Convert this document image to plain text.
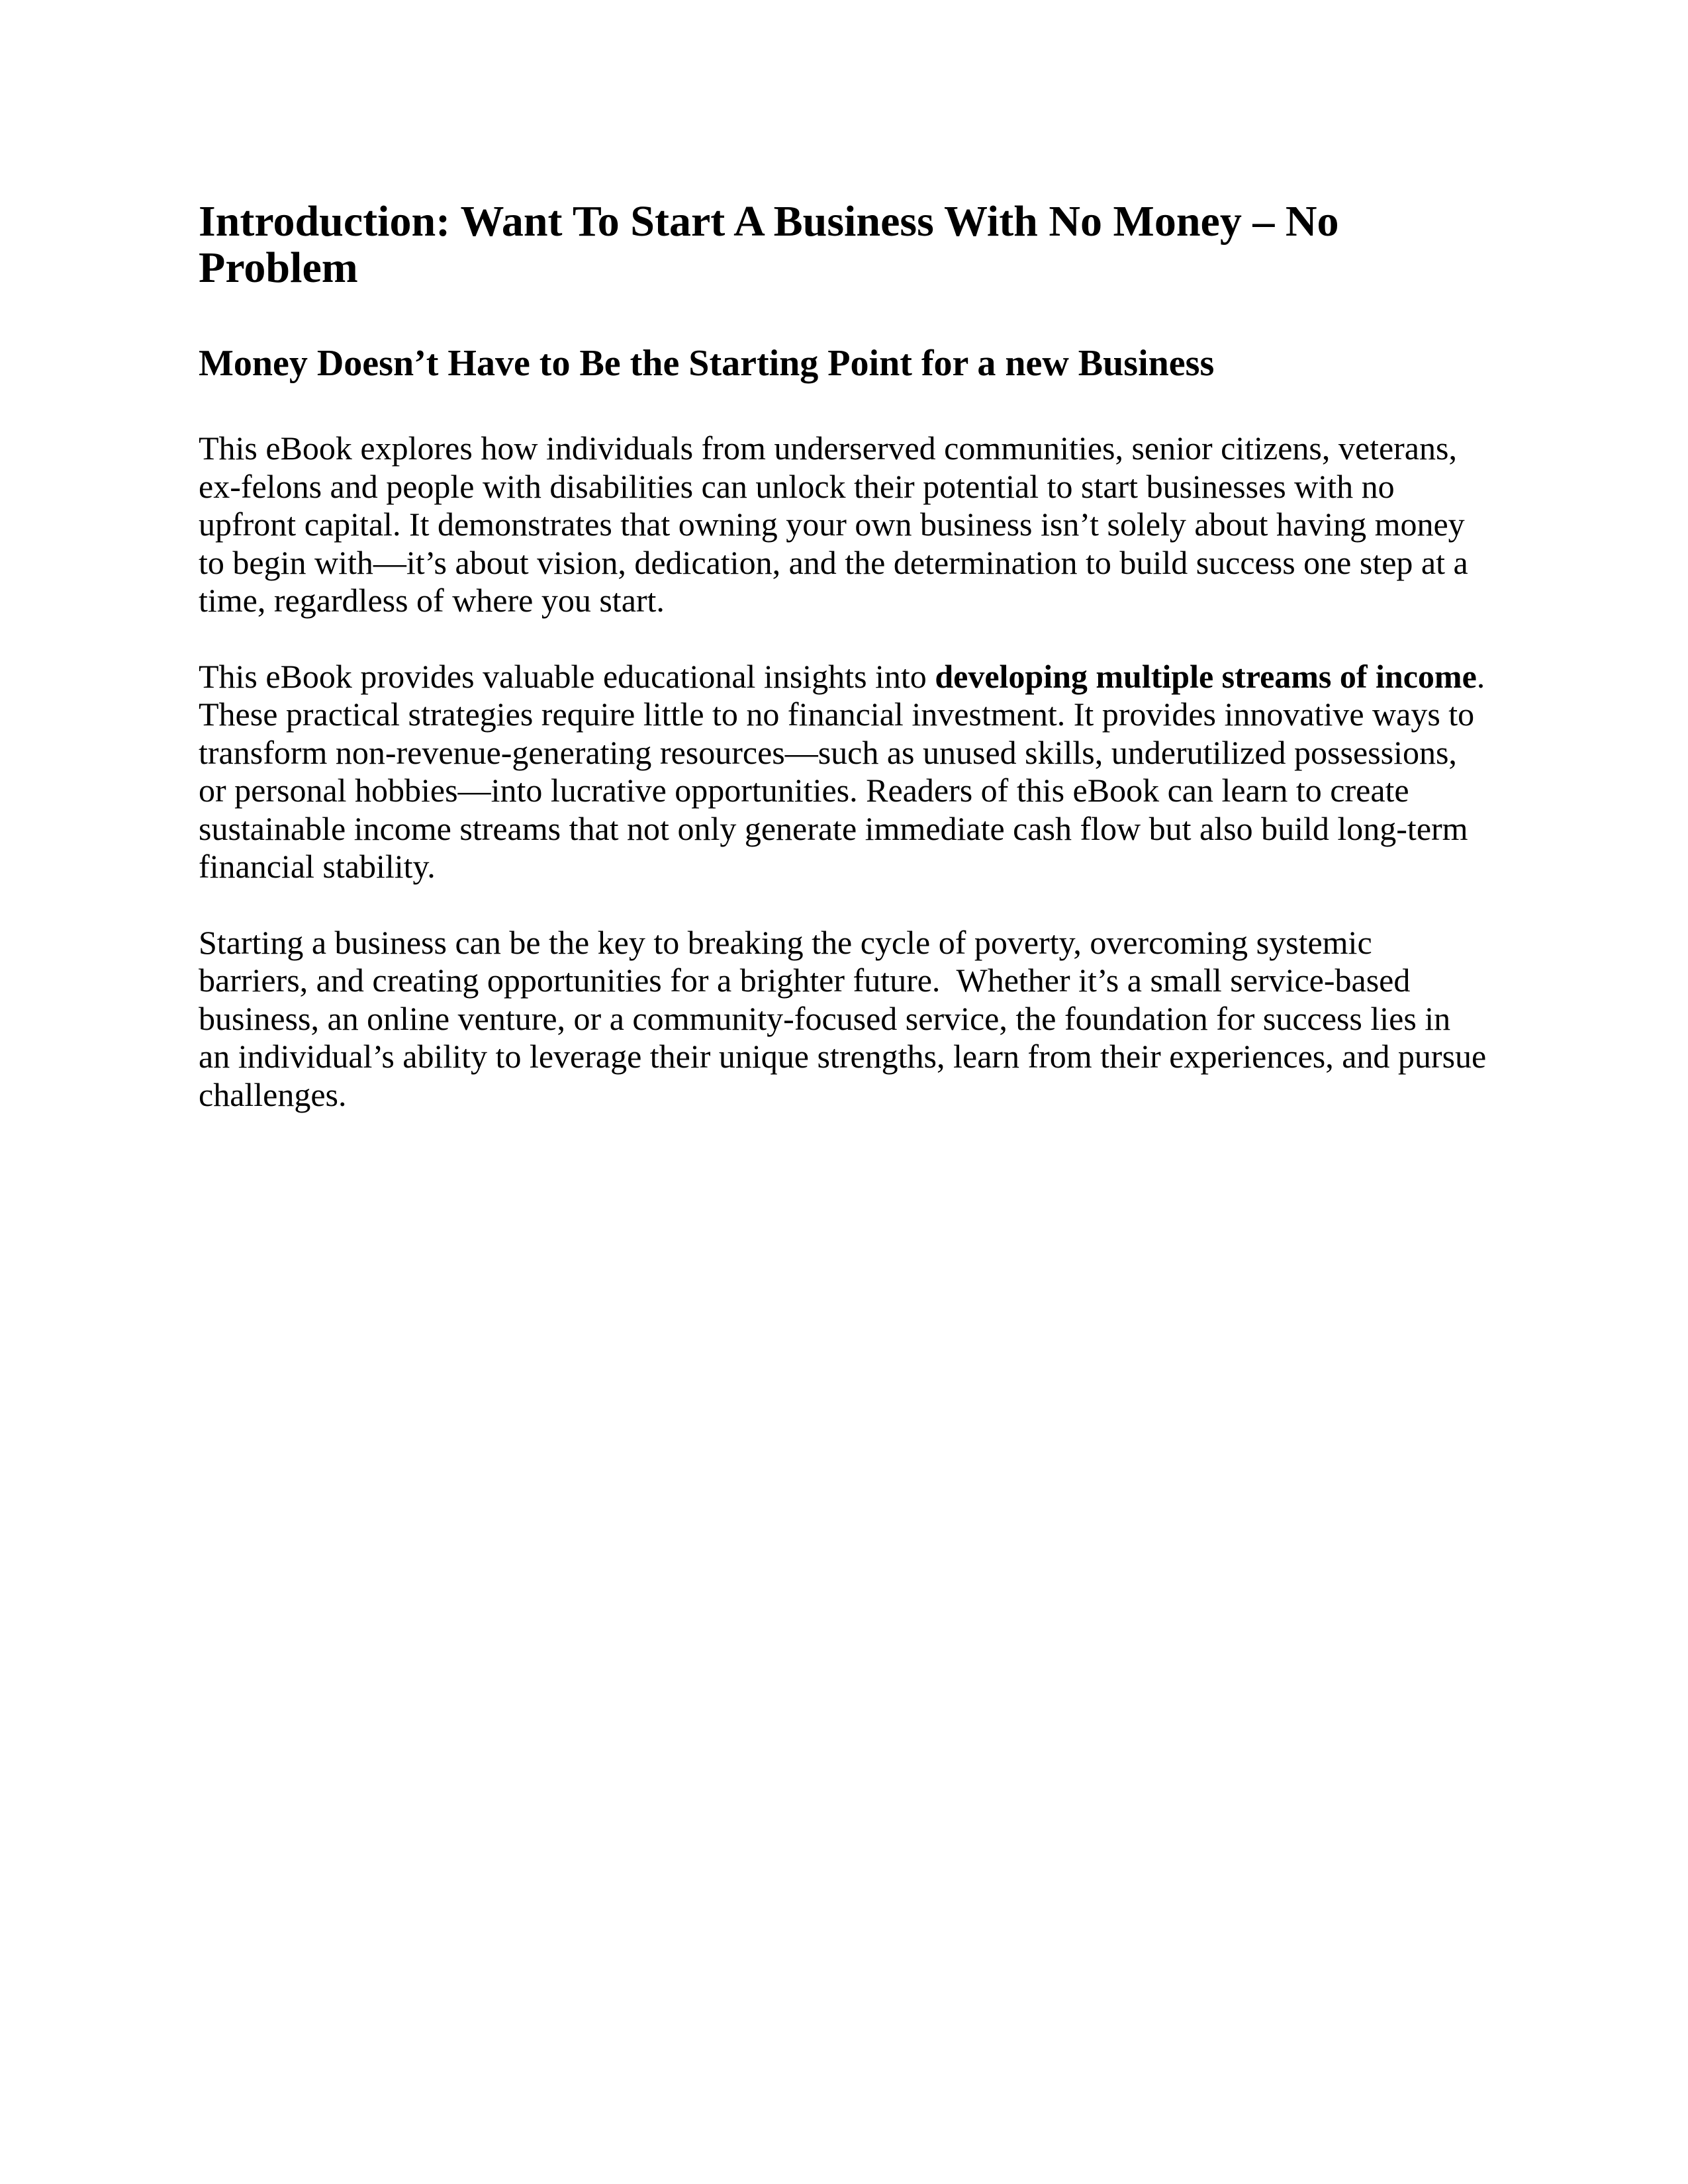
Introduction: Want To Start A Business With No Money – No Problem
Money Doesn’t Have to Be the Starting Point for a new Business

This eBook explores how individuals from underserved communities, senior citizens, veterans, ex-felons and people with disabilities can unlock their potential to start businesses with no upfront capital. It demonstrates that owning your own business isn’t solely about having money to begin with—it’s about vision, dedication, and the determination to build success one step at a time, regardless of where you start.

This eBook provides valuable educational insights into developing multiple streams of income. These practical strategies require little to no financial investment. It provides innovative ways to transform non-revenue-generating resources—such as unused skills, underutilized possessions, or personal hobbies—into lucrative opportunities. Readers of this eBook can learn to create sustainable income streams that not only generate immediate cash flow but also build long-term financial stability.

Starting a business can be the key to breaking the cycle of poverty, overcoming systemic barriers, and creating opportunities for a brighter future.  Whether it’s a small service-based business, an online venture, or a community-focused service, the foundation for success lies in an individual’s ability to leverage their unique strengths, learn from their experiences, and pursue challenges.
